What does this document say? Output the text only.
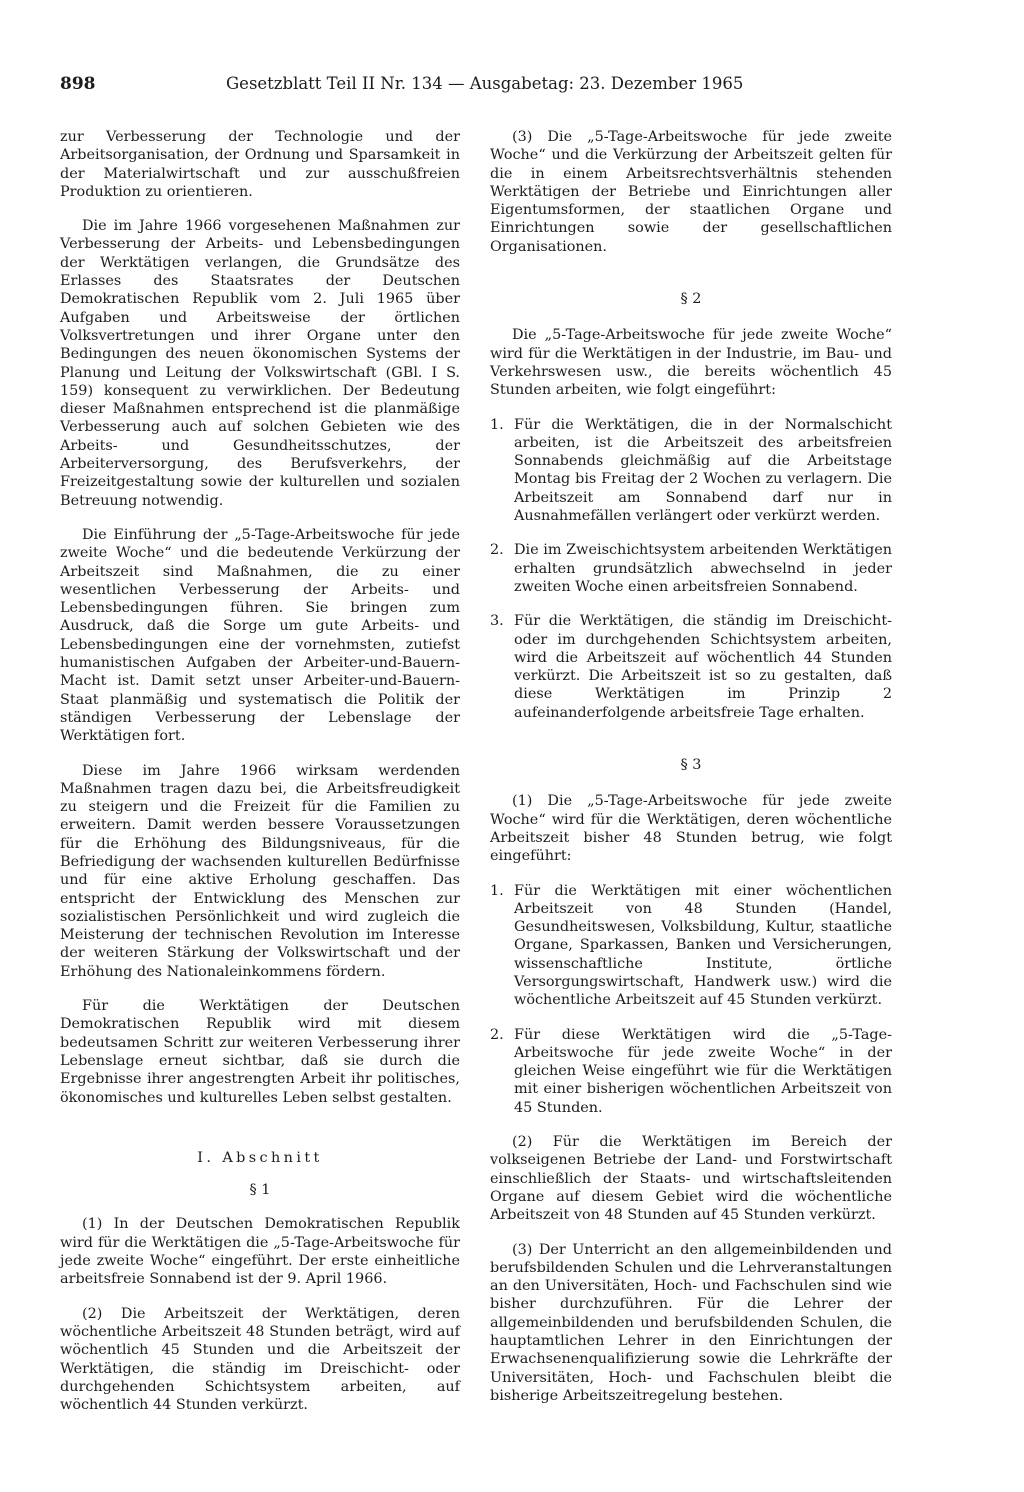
898	Gesetzblatt Teil II Nr. 134 — Ausgabetag: 23. Dezember 1965

zur Verbesserung der Technologie und der Arbeitsorganisation, der Ordnung und Sparsamkeit in der Materialwirtschaft und zur ausschußfreien Produktion zu orientieren.

Die im Jahre 1966 vorgesehenen Maßnahmen zur Verbesserung der Arbeits- und Lebensbedingungen der Werktätigen verlangen, die Grundsätze des Erlasses des Staatsrates der Deutschen Demokratischen Republik vom 2. Juli 1965 über Aufgaben und Arbeitsweise der örtlichen Volksvertretungen und ihrer Organe unter den Bedingungen des neuen ökonomischen Systems der Planung und Leitung der Volkswirtschaft (GBl. I S. 159) konsequent zu verwirklichen. Der Bedeutung dieser Maßnahmen entsprechend ist die planmäßige Verbesserung auch auf solchen Gebieten wie des Arbeits- und Gesundheitsschutzes, der Arbeiterversorgung, des Berufsverkehrs, der Freizeitgestaltung sowie der kulturellen und sozialen Betreuung notwendig.

Die Einführung der „5-Tage-Arbeitswoche für jede zweite Woche“ und die bedeutende Verkürzung der Arbeitszeit sind Maßnahmen, die zu einer wesentlichen Verbesserung der Arbeits- und Lebensbedingungen führen. Sie bringen zum Ausdruck, daß die Sorge um gute Arbeits- und Lebensbedingungen eine der vornehmsten, zutiefst humanistischen Aufgaben der Arbeiter-und-Bauern-Macht ist. Damit setzt unser Arbeiter-und-Bauern-Staat planmäßig und systematisch die Politik der ständigen Verbesserung der Lebenslage der Werktätigen fort.

Diese im Jahre 1966 wirksam werdenden Maßnahmen tragen dazu bei, die Arbeitsfreudigkeit zu steigern und die Freizeit für die Familien zu erweitern. Damit werden bessere Voraussetzungen für die Erhöhung des Bildungsniveaus, für die Befriedigung der wachsenden kulturellen Bedürfnisse und für eine aktive Erholung geschaffen. Das entspricht der Entwicklung des Menschen zur sozialistischen Persönlichkeit und wird zugleich die Meisterung der technischen Revolution im Interesse der weiteren Stärkung der Volkswirtschaft und der Erhöhung des Nationaleinkommens fördern.

Für die Werktätigen der Deutschen Demokratischen Republik wird mit diesem bedeutsamen Schritt zur weiteren Verbesserung ihrer Lebenslage erneut sichtbar, daß sie durch die Ergebnisse ihrer angestrengten Arbeit ihr politisches, ökonomisches und kulturelles Leben selbst gestalten.

I. Abschnitt

§ 1

(1) In der Deutschen Demokratischen Republik wird für die Werktätigen die „5-Tage-Arbeitswoche für jede zweite Woche“ eingeführt. Der erste einheitliche arbeitsfreie Sonnabend ist der 9. April 1966.

(2) Die Arbeitszeit der Werktätigen, deren wöchentliche Arbeitszeit 48 Stunden beträgt, wird auf wöchentlich 45 Stunden und die Arbeitszeit der Werktätigen, die ständig im Dreischicht- oder durchgehenden Schichtsystem arbeiten, auf wöchentlich 44 Stunden verkürzt.

(3) Die „5-Tage-Arbeitswoche für jede zweite Woche“ und die Verkürzung der Arbeitszeit gelten für die in einem Arbeitsrechtsverhältnis stehenden Werktätigen der Betriebe und Einrichtungen aller Eigentumsformen, der staatlichen Organe und Einrichtungen sowie der gesellschaftlichen Organisationen.

§ 2

Die „5-Tage-Arbeitswoche für jede zweite Woche“ wird für die Werktätigen in der Industrie, im Bau- und Verkehrswesen usw., die bereits wöchentlich 45 Stunden arbeiten, wie folgt eingeführt:

1. Für die Werktätigen, die in der Normalschicht arbeiten, ist die Arbeitszeit des arbeitsfreien Sonnabends gleichmäßig auf die Arbeitstage Montag bis Freitag der 2 Wochen zu verlagern. Die Arbeitszeit am Sonnabend darf nur in Ausnahmefällen verlängert oder verkürzt werden.
2. Die im Zweischichtsystem arbeitenden Werktätigen erhalten grundsätzlich abwechselnd in jeder zweiten Woche einen arbeitsfreien Sonnabend.
3. Für die Werktätigen, die ständig im Dreischicht- oder im durchgehenden Schichtsystem arbeiten, wird die Arbeitszeit auf wöchentlich 44 Stunden verkürzt. Die Arbeitszeit ist so zu gestalten, daß diese Werktätigen im Prinzip 2 aufeinanderfolgende arbeitsfreie Tage erhalten.

§ 3

(1) Die „5-Tage-Arbeitswoche für jede zweite Woche“ wird für die Werktätigen, deren wöchentliche Arbeitszeit bisher 48 Stunden betrug, wie folgt eingeführt:

1. Für die Werktätigen mit einer wöchentlichen Arbeitszeit von 48 Stunden (Handel, Gesundheitswesen, Volksbildung, Kultur, staatliche Organe, Sparkassen, Banken und Versicherungen, wissenschaftliche Institute, örtliche Versorgungswirtschaft, Handwerk usw.) wird die wöchentliche Arbeitszeit auf 45 Stunden verkürzt.
2. Für diese Werktätigen wird die „5-Tage-Arbeitswoche für jede zweite Woche“ in der gleichen Weise eingeführt wie für die Werktätigen mit einer bisherigen wöchentlichen Arbeitszeit von 45 Stunden.

(2) Für die Werktätigen im Bereich der volkseigenen Betriebe der Land- und Forstwirtschaft einschließlich der Staats- und wirtschaftsleitenden Organe auf diesem Gebiet wird die wöchentliche Arbeitszeit von 48 Stunden auf 45 Stunden verkürzt.

(3) Der Unterricht an den allgemeinbildenden und berufsbildenden Schulen und die Lehrveranstaltungen an den Universitäten, Hoch- und Fachschulen sind wie bisher durchzuführen. Für die Lehrer der allgemeinbildenden und berufsbildenden Schulen, die hauptamtlichen Lehrer in den Einrichtungen der Erwachsenenqualifizierung sowie die Lehrkräfte der Universitäten, Hoch- und Fachschulen bleibt die bisherige Arbeitszeitregelung bestehen.
